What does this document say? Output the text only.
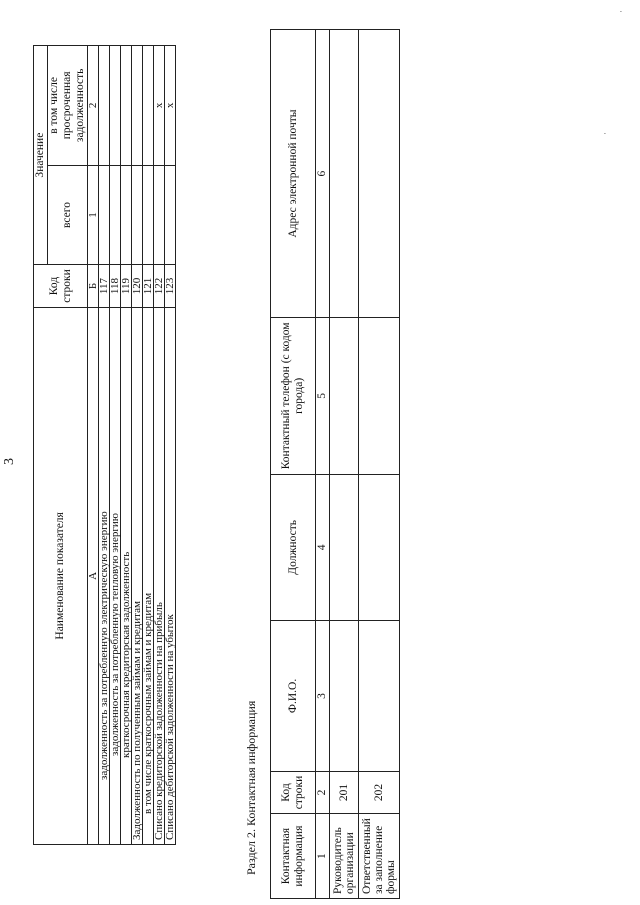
3
Наименование показателя	Код строки	Значение	
		всего	в том числе просроченная задолженность
А	Б	1	2
задолженность за потребленную электрическую энергию	117		
задолженность за потребленную тепловую энергию	118		
краткосрочная кредиторская задолженность	119		
Задолженность по полученным займам и кредитам	120		
в том числе краткосрочным займам и кредитам	121		
Списано кредиторской задолженности на прибыль	122		x
Списано дебиторской задолженности на убыток	123		x
Раздел 2. Контактная информация Контактная информация	Код строки	Ф.И.О.	Должность	Контактный телефон (с кодом города)	Адрес электронной почты
1	2	3	4	5	6
Руководитель организации	201				
Ответственный за заполнение формы	202				
·
·
